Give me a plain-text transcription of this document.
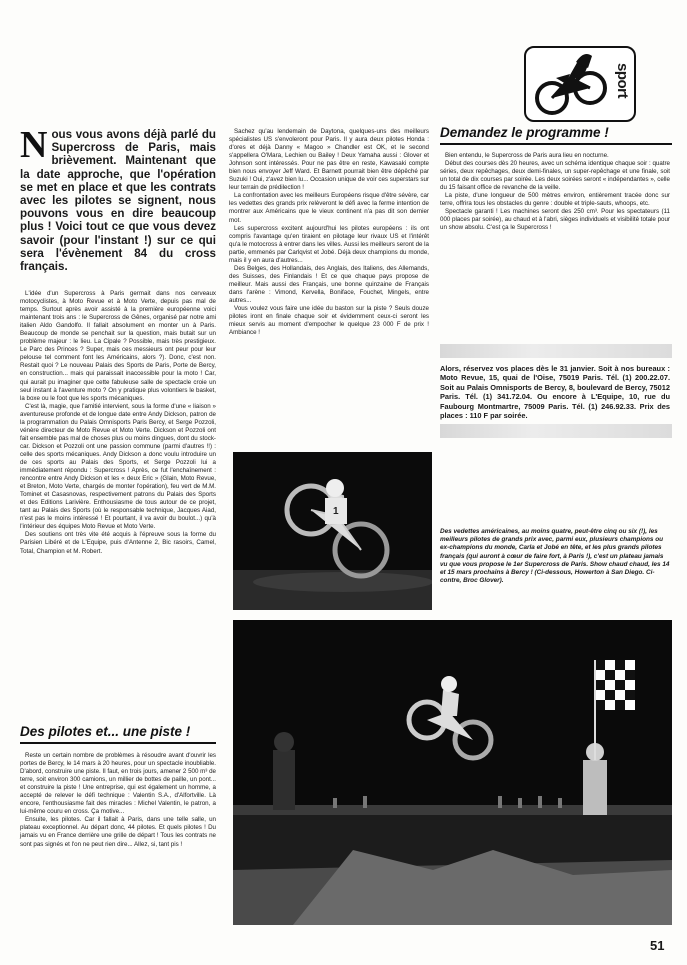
sport

Nous vous avons déjà parlé du Supercross de Paris, mais brièvement. Maintenant que la date approche, que l'opération se met en place et que les contrats avec les pilotes se signent, nous pouvons vous en dire beaucoup plus ! Voici tout ce que vous devez savoir (pour l'instant !) sur ce qui sera l'évènement 84 du cross français.

L'idée d'un Supercross à Paris germait dans nos cerveaux motocyclistes, à Moto Revue et à Moto Verte, depuis pas mal de temps. Surtout après avoir assisté à la première européenne voici maintenant trois ans : le Supercross de Gênes, organisé par notre ami italien Aldo Gandolfo. Il fallait absolument en monter un à Paris. Beaucoup de monde se penchait sur la question, mais butait sur un problème majeur : le lieu. La Cipale ? Possible, mais très prestigieux. Le Parc des Princes ? Super, mais ces messieurs ont peur pour leur pelouse tel comment font les Américains, alors ?). Donc, c'est non. Restait quoi ? Le nouveau Palais des Sports de Paris, Porte de Bercy, en construction... mais qui paraissait inaccessible pour la moto ! Car, qui aurait pu imaginer que cette fabuleuse salle de spectacle croie un seul instant à l'aventure moto ? On y pratique plus volontiers le basket, la boxe ou le foot que les sports mécaniques.

C'est là, magie, que l'amitié intervient, sous la forme d'une « liaison » aventureuse profonde et de longue date entre Andy Dickson, patron de la programmation du Palais Omnisports Paris Bercy, et Serge Pozzoli, vénère directeur de Moto Revue et Moto Verte. Dickson et Pozzoli ont fait ensemble pas mal de choses plus ou moins dingues, dont du stock-car. Dickson et Pozzoli ont une passion commune (parmi d'autres !!) : celle des sports mécaniques. Andy Dickson a donc voulu introduire un de ces sports au Palais des Sports, et Serge Pozzoli lui a immédiatement répondu : Supercross ! Après, ce fut l'enchaînement : rencontre entre Andy Dickson et les « deux Eric » (Glain, Moto Revue, et Breton, Moto Verte, chargés de monter l'opération), feu vert de M.M. Tominet et Casasnovas, respectivement patrons du Palais des Sports et des Editions Larivière. Enthousiasme de tous autour de ce projet, tant au Palais des Sports (où le responsable technique, Jacques Aiad, n'est pas le moins intéressé ! Et pourtant, il va avoir du boulot...) qu'à l'intérieur des équipes Moto Revue et Moto Verte.

Des soutiens ont très vite été acquis à l'épreuve sous la forme du Parisien Libéré et de L'Equipe, puis d'Antenne 2, Bic rasoirs, Camel, Total, Champion et M. Robert.

Des pilotes et... une piste !

Reste un certain nombre de problèmes à résoudre avant d'ouvrir les portes de Bercy, le 14 mars à 20 heures, pour un spectacle inoubliable. D'abord, construire une piste. Il faut, en trois jours, amener 2 500 m³ de terre, soit environ 300 camions, un millier de bottes de paille, un pont... et construire la piste ! Une entreprise, qui est également un homme, a accepté de relever le défi technique : Valentin S.A., d'Alfortville. Là encore, l'enthousiasme fait des miracles : Michel Valentin, le patron, a lui-même couru en cross. Ça motive...

Ensuite, les pilotes. Car il fallait à Paris, dans une telle salle, un plateau exceptionnel. Au départ donc, 44 pilotes. Et quels pilotes ! Du jamais vu en France derrière une grille de départ ! Tous les contrats ne sont pas signés et l'on ne peut rien dire... Allez, si, tant pis !

Sachez qu'au lendemain de Daytona, quelques-uns des meilleurs spécialistes US s'envoleront pour Paris. Il y aura deux pilotes Honda : d'ores et déjà Danny « Magoo » Chandler est OK, et le second s'appellera O'Mara, Lechien ou Bailey ! Deux Yamaha aussi : Glover et Johnson sont intéressés. Pour ne pas être en reste, Kawasaki compte bien nous envoyer Jeff Ward. Et Barnett pourrait bien être dépêché par Suzuki ! Oui, z'avez bien lu... Occasion unique de voir ces superstars sur leur terrain de prédilection !

La confrontation avec les meilleurs Européens risque d'être sévère, car les vedettes des grands prix relèveront le défi avec la ferme intention de montrer aux Américains que le vieux continent n'a pas dit son dernier mot.

Les supercross excitent aujourd'hui les pilotes européens : ils ont compris l'avantage qu'en tiraient en pilotage leur rivaux US et l'intérêt qu'a le motocross à entrer dans les villes. Aussi les meilleurs seront de la partie, emmenés par Carlqvist et Jobé. Déjà deux champions du monde, mais il y en aura d'autres...

Des Belges, des Hollandais, des Anglais, des Italiens, des Allemands, des Suisses, des Finlandais ! Et ce que chaque pays propose de meilleur. Mais aussi des Français, une bonne quinzaine de Français dans l'arène : Vimond, Kervella, Boniface, Fouchet, Mingels, entre autres...

Vous voulez vous faire une idée du baston sur la piste ? Seuls douze pilotes iront en finale chaque soir et évidemment ceux-ci seront les mieux servis au moment d'empocher le quelque 23 000 F de prix ! Ambiance !

Demandez le programme !

Bien entendu, le Supercross de Paris aura lieu en nocturne.

Début des courses dès 20 heures, avec un schéma identique chaque soir : quatre séries, deux repêchages, deux demi-finales, un super-repêchage et une finale, soit un total de dix courses par soirée. Les deux soirées seront « indépendantes », celle du 15 faisant office de revanche de la veille.

La piste, d'une longueur de 500 mètres environ, entièrement tracée donc sur terre, offrira tous les obstacles du genre : double et triple-sauts, whoops, etc.

Spectacle garanti ! Les machines seront des 250 cm³. Pour les spectateurs (11 000 places par soirée), au chaud et à l'abri, sièges individuels et visibilité totale pour un show absolu. C'est ça le Supercross !

Alors, réservez vos places dès le 31 janvier. Soit à nos bureaux : Moto Revue, 15, quai de l'Oise, 75019 Paris. Tél. (1) 200.22.07. Soit au Palais Omnisports de Bercy, 8, boulevard de Bercy, 75012 Paris. Tél. (1) 341.72.04. Ou encore à L'Equipe, 10, rue du Faubourg Montmartre, 75009 Paris. Tél. (1) 246.92.33. Prix des places : 110 F par soirée.

1

Des vedettes américaines, au moins quatre, peut-être cinq ou six (!), les meilleurs pilotes de grands prix avec, parmi eux, plusieurs champions ou ex-champions du monde, Carla et Jobé en tête, et les plus grands pilotes français (qui auront à cœur de faire fort, à Paris !), c'est un plateau jamais vu que vous propose le 1er Supercross de Paris. Show chaud chaud, les 14 et 15 mars prochains à Bercy ! (Ci-dessous, Howerton à San Diego. Ci-contre, Broc Glover).

51
